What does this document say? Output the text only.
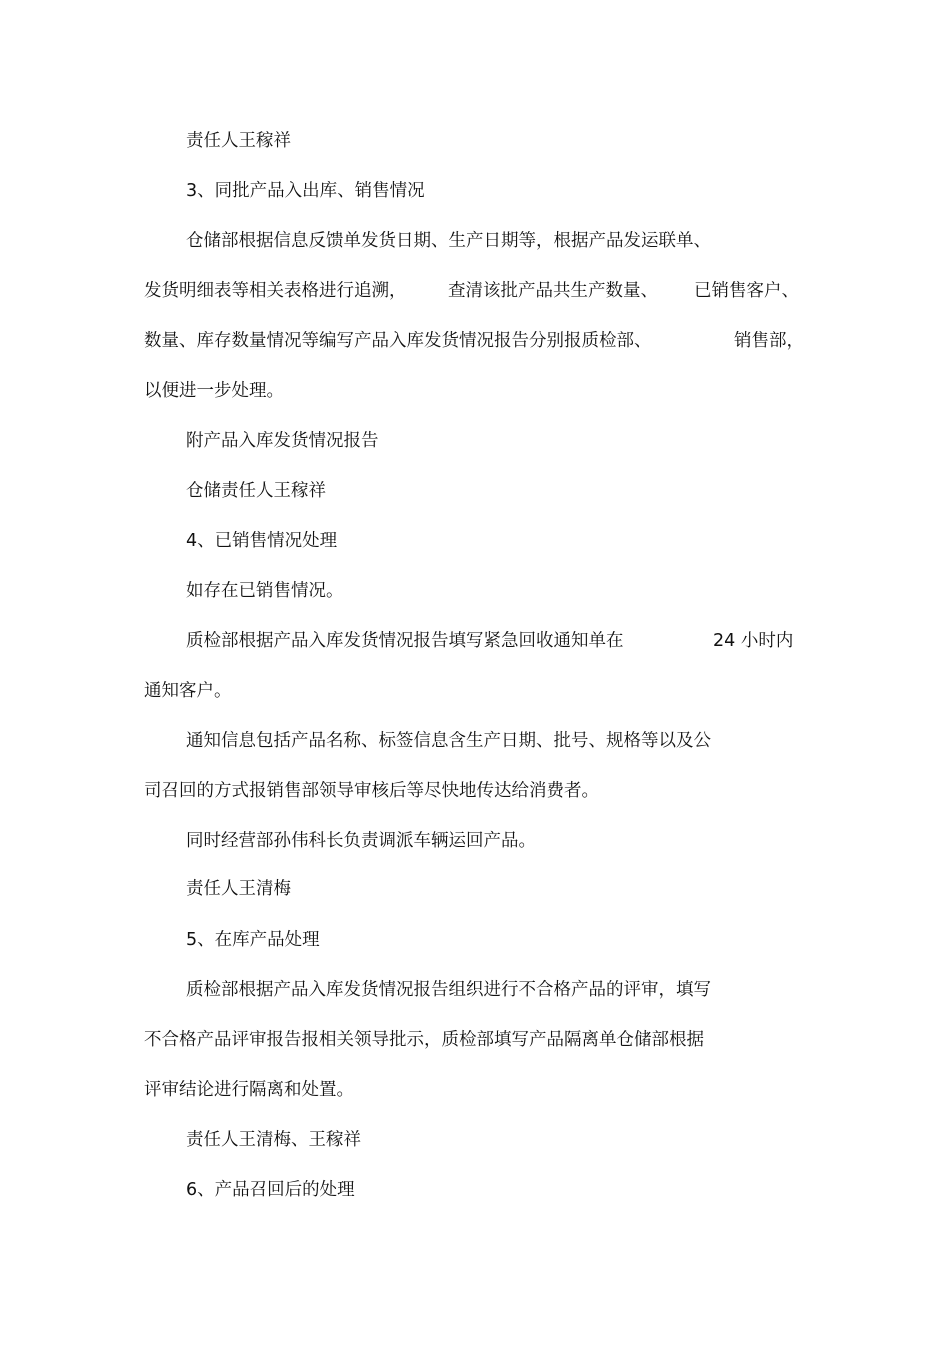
责任人王稼祥

3、同批产品入出库、销售情况

仓储部根据信息反馈单发货日期、生产日期等，根据产品发运联单、

发货明细表等相关表格进行追溯， 查清该批产品共生产数量、 已销售客户、
数量、库存数量情况等编写产品入库发货情况报告分别报质检部、	销售部，

以便进一步处理。

附产品入库发货情况报告

仓储责任人王稼祥

4、已销售情况处理

如存在已销售情况。

质检部根据产品入库发货情况报告填写紧急回收通知单在	24 小时内

通知客户。

通知信息包括产品名称、标签信息含生产日期、批号、规格等以及公

司召回的方式报销售部领导审核后等尽快地传达给消费者。

同时经营部孙伟科长负责调派车辆运回产品。

责任人王清梅

5、在库产品处理

质检部根据产品入库发货情况报告组织进行不合格产品的评审，填写

不合格产品评审报告报相关领导批示，质检部填写产品隔离单仓储部根据

评审结论进行隔离和处置。

责任人王清梅、王稼祥

6、产品召回后的处理
